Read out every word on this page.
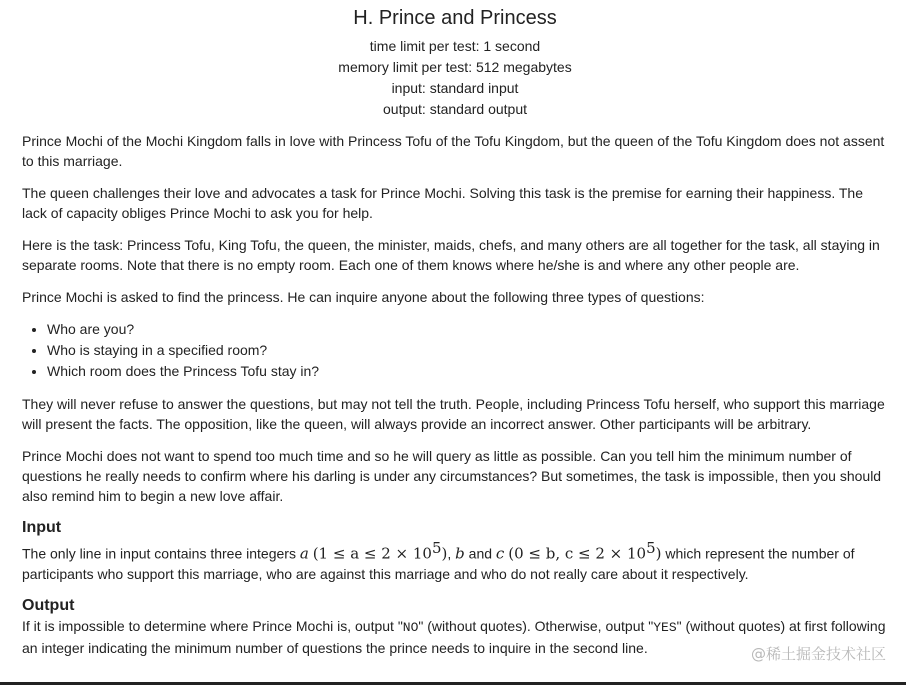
H. Prince and Princess
time limit per test: 1 second
memory limit per test: 512 megabytes
input: standard input
output: standard output

Prince Mochi of the Mochi Kingdom falls in love with Princess Tofu of the Tofu Kingdom, but the queen of the Tofu Kingdom does not assent to this marriage.

The queen challenges their love and advocates a task for Prince Mochi. Solving this task is the premise for earning their happiness. The lack of capacity obliges Prince Mochi to ask you for help.

Here is the task: Princess Tofu, King Tofu, the queen, the minister, maids, chefs, and many others are all together for the task, all staying in separate rooms. Note that there is no empty room. Each one of them knows where he/she is and where any other people are.

Prince Mochi is asked to find the princess. He can inquire anyone about the following three types of questions:

• Who are you?
• Who is staying in a specified room?
• Which room does the Princess Tofu stay in?

They will never refuse to answer the questions, but may not tell the truth. People, including Princess Tofu herself, who support this marriage will present the facts. The opposition, like the queen, will always provide an incorrect answer. Other participants will be arbitrary.

Prince Mochi does not want to spend too much time and so he will query as little as possible. Can you tell him the minimum number of questions he really needs to confirm where his darling is under any circumstances? But sometimes, the task is impossible, then you should also remind him to begin a new love affair.

Input

The only line in input contains three integers a $(1 \le a \le 2 \times 10^5)$, b and c (0 ≤ b, $c \le 2 \times 10^5$) which represent the number of participants who support this marriage, who are against this marriage and who do not really care about it respectively.

Output

If it is impossible to determine where Prince Mochi is, output "NO" (without quotes). Otherwise, output "YES" (without quotes) at first following an integer indicating the minimum number of questions the prince needs to inquire in the second line.	@稀土掘金技术社区
